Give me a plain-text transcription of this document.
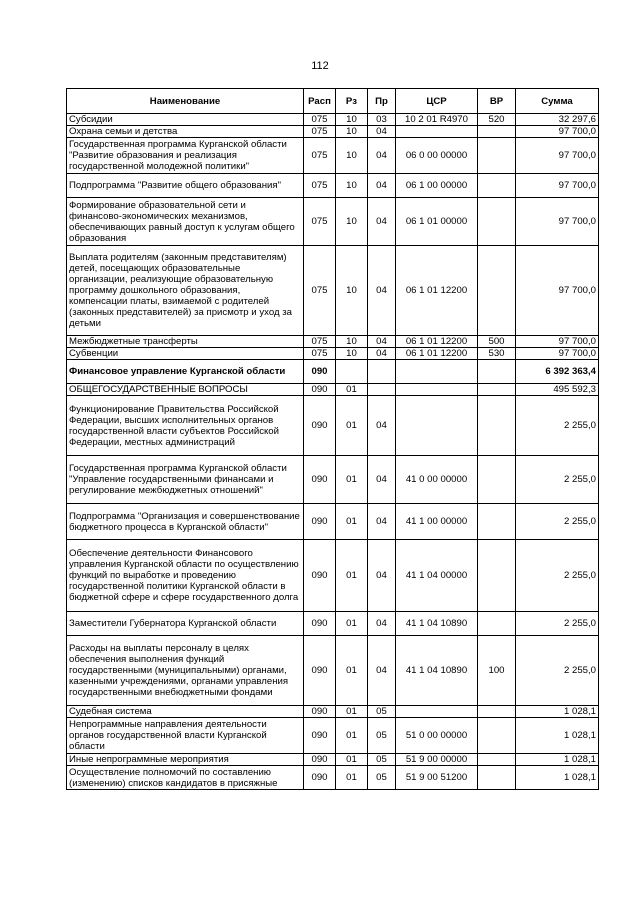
112
Наименование	Расп	Рз	Пр	ЦСР	ВР	Сумма
Субсидии	075	10	03	10 2 01 R4970	520	32 297,6
Охрана семьи и детства	075	10	04			97 700,0
Государственная программа Курганской области "Развитие образования и реализация государственной молодежной политики"	075	10	04	06 0 00 00000		97 700,0
Подпрограмма "Развитие общего образования"	075	10	04	06 1 00 00000		97 700,0
Формирование образовательной сети и финансово-экономических механизмов, обеспечивающих равный доступ к услугам общего образования	075	10	04	06 1 01 00000		97 700,0
Выплата родителям (законным представителям) детей, посещающих образовательные организации, реализующие образовательную программу дошкольного образования, компенсации платы, взимаемой с родителей (законных представителей) за присмотр и уход за детьми	075	10	04	06 1 01 12200		97 700,0
Межбюджетные трансферты	075	10	04	06 1 01 12200	500	97 700,0
Субвенции	075	10	04	06 1 01 12200	530	97 700,0
Финансовое управление Курганской области	090					6 392 363,4
ОБЩЕГОСУДАРСТВЕННЫЕ ВОПРОСЫ	090	01				495 592,3
Функционирование Правительства Российской Федерации, высших исполнительных органов государственной власти субъектов Российской Федерации, местных администраций	090	01	04			2 255,0
Государственная программа Курганской области "Управление государственными финансами и регулирование межбюджетных отношений"	090	01	04	41 0 00 00000		2 255,0
Подпрограмма "Организация и совершенствование бюджетного процесса в Курганской области"	090	01	04	41 1 00 00000		2 255,0
Обеспечение деятельности Финансового управления Курганской области по осуществлению функций по выработке и проведению государственной политики Курганской области в бюджетной сфере и сфере государственного долга	090	01	04	41 1 04 00000		2 255,0
Заместители Губернатора Курганской области	090	01	04	41 1 04 10890		2 255,0
Расходы на выплаты персоналу в целях обеспечения выполнения функций государственными (муниципальными) органами, казенными учреждениями, органами управления государственными внебюджетными фондами	090	01	04	41 1 04 10890	100	2 255,0
Судебная система	090	01	05			1 028,1
Непрограммные направления деятельности органов государственной власти Курганской области	090	01	05	51 0 00 00000		1 028,1
Иные непрограммные мероприятия	090	01	05	51 9 00 00000		1 028,1
Осуществление полномочий по составлению (изменению) списков кандидатов в присяжные	090	01	05	51 9 00 51200		1 028,1
